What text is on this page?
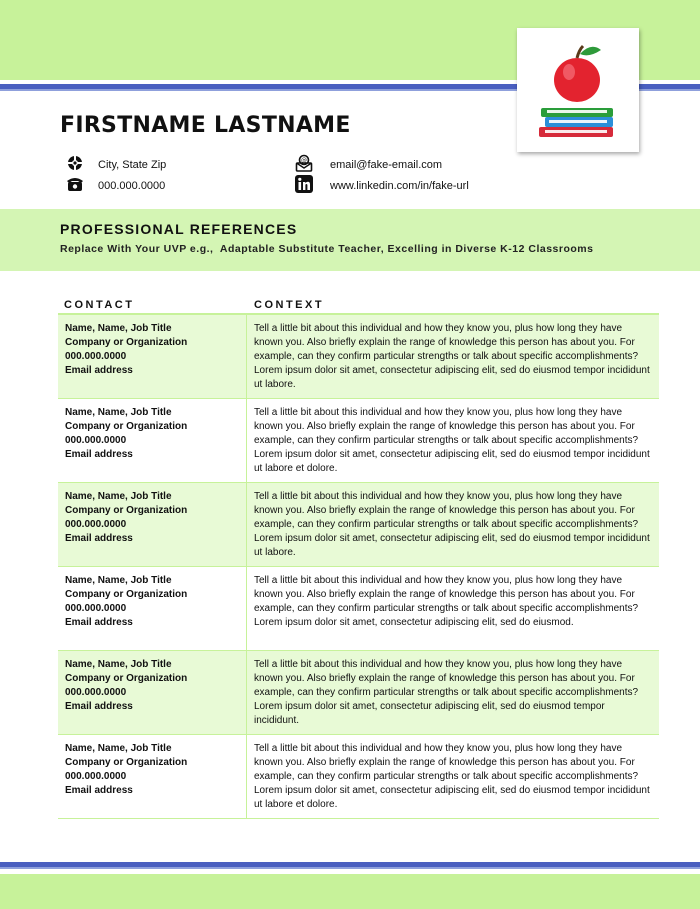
FIRSTNAME LASTNAME
City, State Zip
000.000.0000
@ email@fake-email.com
www.linkedin.com/in/fake-url
PROFESSIONAL REFERENCES
Replace With Your UVP e.g.,  Adaptable Substitute Teacher, Excelling in Diverse K-12 Classrooms
CONTACT	CONTEXT
Name, Name, Job Title
Company or Organization
000.000.0000
Email address
Tell a little bit about this individual and how they know you, plus how long they have known you. Also briefly explain the range of knowledge this person has about you. For example, can they confirm particular strengths or talk about specific accomplishments? Lorem ipsum dolor sit amet, consectetur adipiscing elit, sed do eiusmod tempor incididunt ut labore.
Name, Name, Job Title
Company or Organization
000.000.0000
Email address
Tell a little bit about this individual and how they know you, plus how long they have known you. Also briefly explain the range of knowledge this person has about you. For example, can they confirm particular strengths or talk about specific accomplishments? Lorem ipsum dolor sit amet, consectetur adipiscing elit, sed do eiusmod tempor incididunt ut labore et dolore.
Name, Name, Job Title
Company or Organization
000.000.0000
Email address
Tell a little bit about this individual and how they know you, plus how long they have known you. Also briefly explain the range of knowledge this person has about you. For example, can they confirm particular strengths or talk about specific accomplishments? Lorem ipsum dolor sit amet, consectetur adipiscing elit, sed do eiusmod tempor incididunt ut labore.
Name, Name, Job Title
Company or Organization
000.000.0000
Email address
Tell a little bit about this individual and how they know you, plus how long they have known you. Also briefly explain the range of knowledge this person has about you. For example, can they confirm particular strengths or talk about specific accomplishments? Lorem ipsum dolor sit amet, consectetur adipiscing elit, sed do eiusmod.
Name, Name, Job Title
Company or Organization
000.000.0000
Email address
Tell a little bit about this individual and how they know you, plus how long they have known you. Also briefly explain the range of knowledge this person has about you. For example, can they confirm particular strengths or talk about specific accomplishments? Lorem ipsum dolor sit amet, consectetur adipiscing elit, sed do eiusmod tempor incididunt.
Name, Name, Job Title
Company or Organization
000.000.0000
Email address
Tell a little bit about this individual and how they know you, plus how long they have known you. Also briefly explain the range of knowledge this person has about you. For example, can they confirm particular strengths or talk about specific accomplishments? Lorem ipsum dolor sit amet, consectetur adipiscing elit, sed do eiusmod tempor incididunt ut labore et dolore.
